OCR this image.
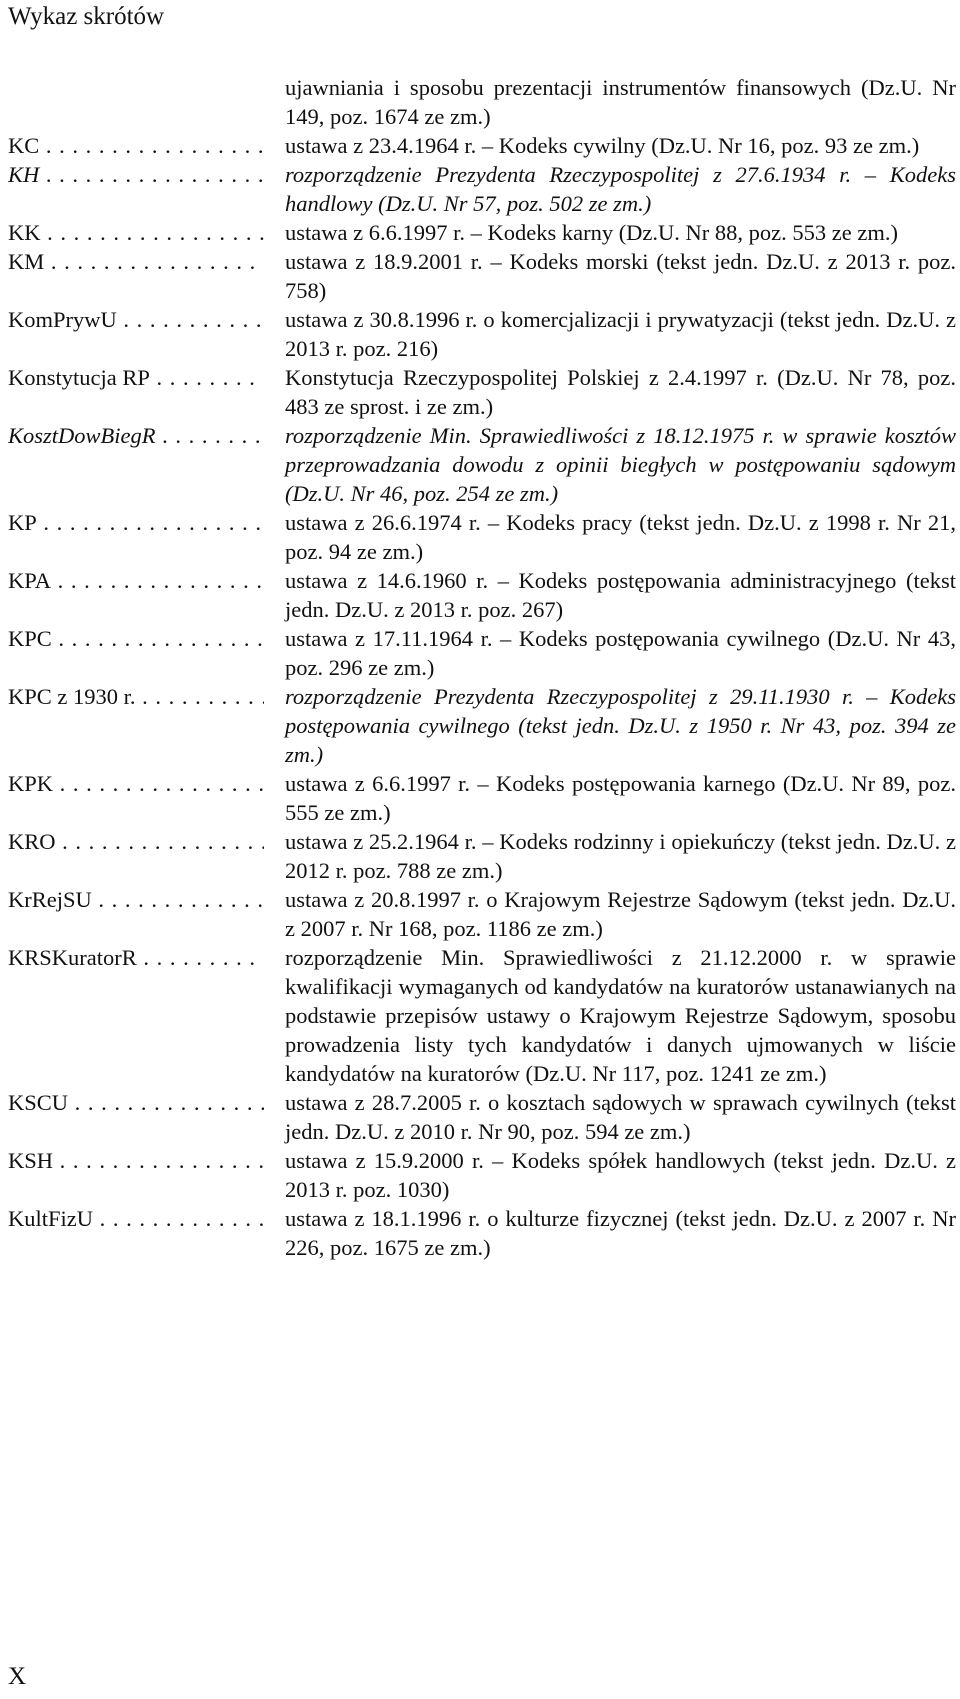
Wykaz skrótów
ujawniania i sposobu prezentacji instrumentów finansowych (Dz.U. Nr 149, poz. 1674 ze zm.)
KC . . .	ustawa z 23.4.1964 r. – Kodeks cywilny (Dz.U. Nr 16, poz. 93 ze zm.)
KH . . .	rozporządzenie Prezydenta Rzeczypospolitej z 27.6.1934 r. – Kodeks handlowy (Dz.U. Nr 57, poz. 502 ze zm.)
KK . . .	ustawa z 6.6.1997 r. – Kodeks karny (Dz.U. Nr 88, poz. 553 ze zm.)
KM . . .	ustawa z 18.9.2001 r. – Kodeks morski (tekst jedn. Dz.U. z 2013 r. poz. 758)
KomPrywU . . .	ustawa z 30.8.1996 r. o komercjalizacji i prywatyzacji (tekst jedn. Dz.U. z 2013 r. poz. 216)
Konstytucja RP . . .	Konstytucja Rzeczypospolitej Polskiej z 2.4.1997 r. (Dz.U. Nr 78, poz. 483 ze sprost. i ze zm.)
KosztDowBiegR . . .	rozporządzenie Min. Sprawiedliwości z 18.12.1975 r. w sprawie kosztów przeprowadzania dowodu z opinii biegłych w postępowaniu sądowym (Dz.U. Nr 46, poz. 254 ze zm.)
KP . . .	ustawa z 26.6.1974 r. – Kodeks pracy (tekst jedn. Dz.U. z 1998 r. Nr 21, poz. 94 ze zm.)
KPA . . .	ustawa z 14.6.1960 r. – Kodeks postępowania administracyjnego (tekst jedn. Dz.U. z 2013 r. poz. 267)
KPC . . .	ustawa z 17.11.1964 r. – Kodeks postępowania cywilnego (Dz.U. Nr 43, poz. 296 ze zm.)
KPC z 1930 r. . . .	rozporządzenie Prezydenta Rzeczypospolitej z 29.11.1930 r. – Kodeks postępowania cywilnego (tekst jedn. Dz.U. z 1950 r. Nr 43, poz. 394 ze zm.)
KPK . . .	ustawa z 6.6.1997 r. – Kodeks postępowania karnego (Dz.U. Nr 89, poz. 555 ze zm.)
KRO . . .	ustawa z 25.2.1964 r. – Kodeks rodzinny i opiekuńczy (tekst jedn. Dz.U. z 2012 r. poz. 788 ze zm.)
KrRejSU . . .	ustawa z 20.8.1997 r. o Krajowym Rejestrze Sądowym (tekst jedn. Dz.U. z 2007 r. Nr 168, poz. 1186 ze zm.)
KRSKuratorR . . .	rozporządzenie Min. Sprawiedliwości z 21.12.2000 r. w sprawie kwalifikacji wymaganych od kandydatów na kuratorów ustanawianych na podstawie przepisów ustawy o Krajowym Rejestrze Sądowym, sposobu prowadzenia listy tych kandydatów i danych ujmowanych w liście kandydatów na kuratorów (Dz.U. Nr 117, poz. 1241 ze zm.)
KSCU . . .	ustawa z 28.7.2005 r. o kosztach sądowych w sprawach cywilnych (tekst jedn. Dz.U. z 2010 r. Nr 90, poz. 594 ze zm.)
KSH . . .	ustawa z 15.9.2000 r. – Kodeks spółek handlowych (tekst jedn. Dz.U. z 2013 r. poz. 1030)
KultFizU . . .	ustawa z 18.1.1996 r. o kulturze fizycznej (tekst jedn. Dz.U. z 2007 r. Nr 226, poz. 1675 ze zm.)
X
